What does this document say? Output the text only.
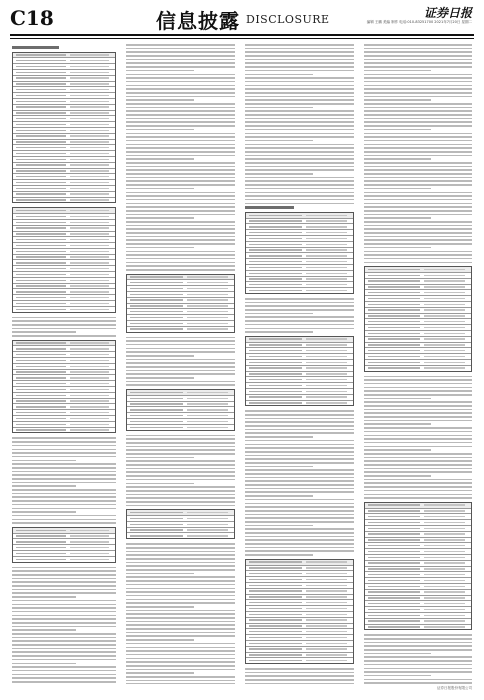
C18	信息披露 DISCLOSURE	证券日报
编辑 王鹏 美编 制作 电话:010-83251700 2021年7月20日 星期二
证券日报股份有限公司
